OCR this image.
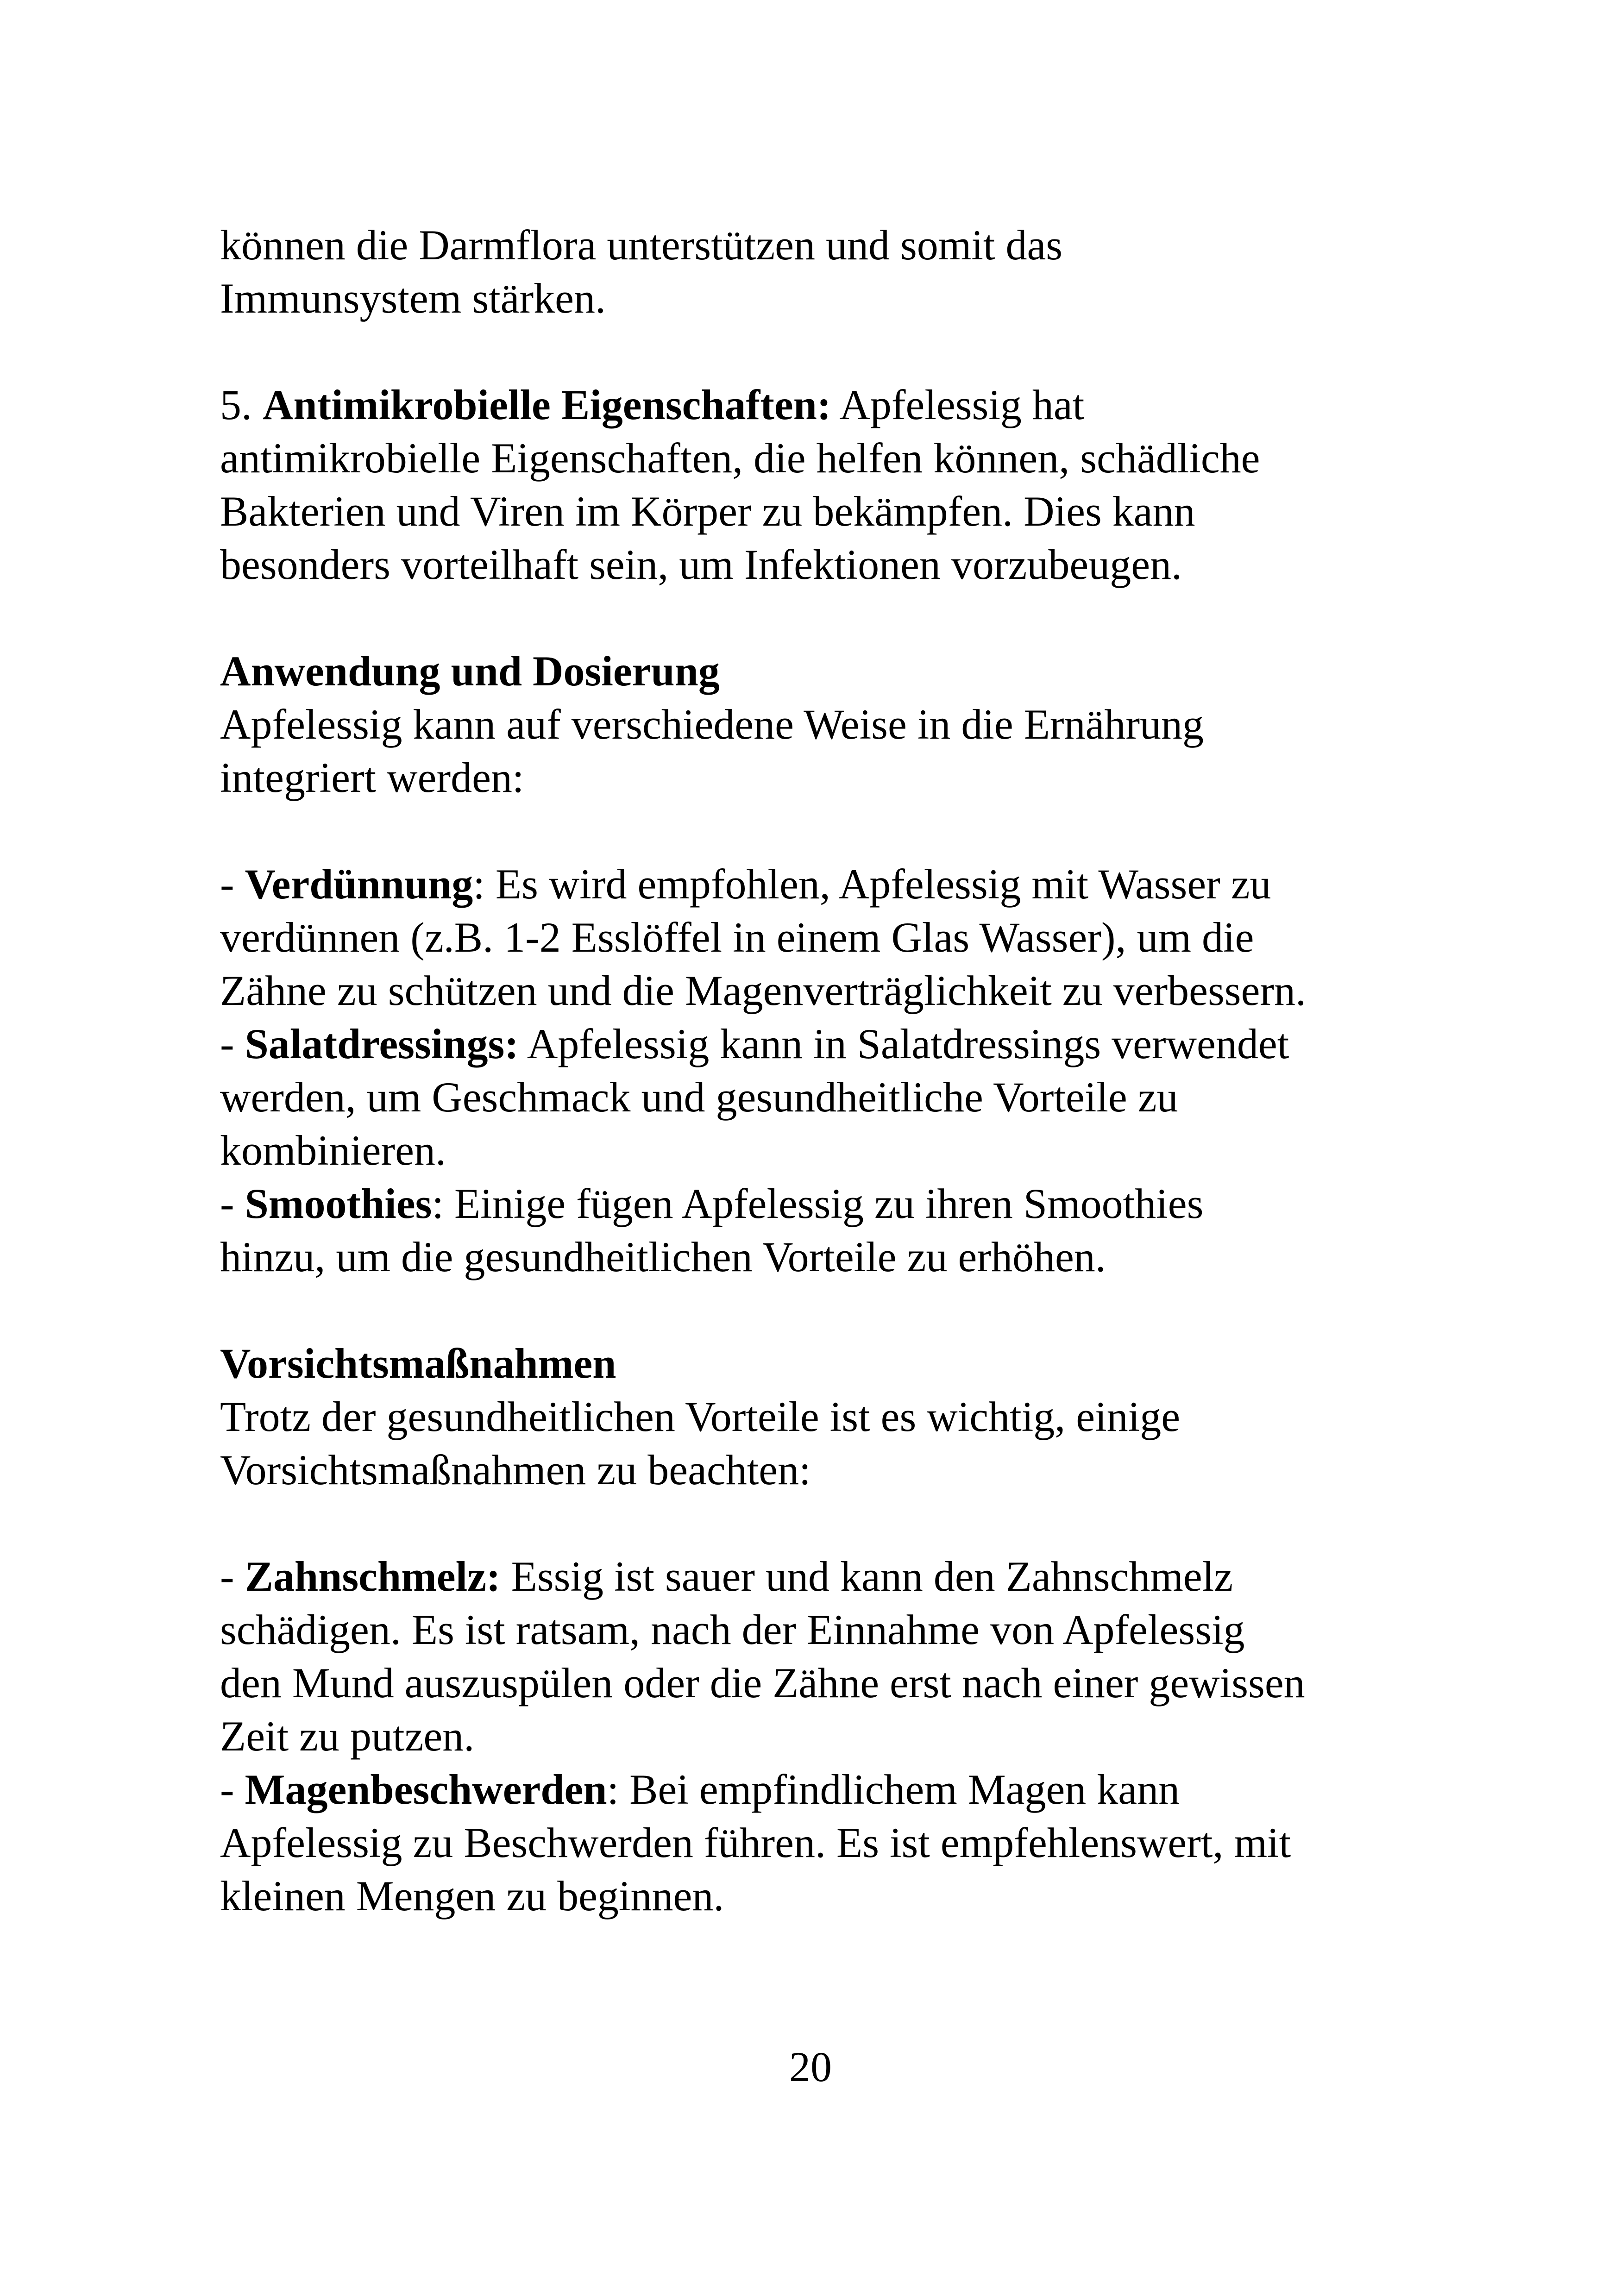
können die Darmflora unterstützen und somit das
Immunsystem stärken.
5. Antimikrobielle Eigenschaften: Apfelessig hat
antimikrobielle Eigenschaften, die helfen können, schädliche
Bakterien und Viren im Körper zu bekämpfen. Dies kann
besonders vorteilhaft sein, um Infektionen vorzubeugen.
Anwendung und Dosierung
Apfelessig kann auf verschiedene Weise in die Ernährung
integriert werden:
- Verdünnung: Es wird empfohlen, Apfelessig mit Wasser zu
verdünnen (z.B. 1-2 Esslöffel in einem Glas Wasser), um die
Zähne zu schützen und die Magenverträglichkeit zu verbessern.
- Salatdressings: Apfelessig kann in Salatdressings verwendet
werden, um Geschmack und gesundheitliche Vorteile zu
kombinieren.
- Smoothies: Einige fügen Apfelessig zu ihren Smoothies
hinzu, um die gesundheitlichen Vorteile zu erhöhen.
Vorsichtsmaßnahmen
Trotz der gesundheitlichen Vorteile ist es wichtig, einige
Vorsichtsmaßnahmen zu beachten:
- Zahnschmelz: Essig ist sauer und kann den Zahnschmelz
schädigen. Es ist ratsam, nach der Einnahme von Apfelessig
den Mund auszuspülen oder die Zähne erst nach einer gewissen
Zeit zu putzen.
- Magenbeschwerden: Bei empfindlichem Magen kann
Apfelessig zu Beschwerden führen. Es ist empfehlenswert, mit
kleinen Mengen zu beginnen.
20
